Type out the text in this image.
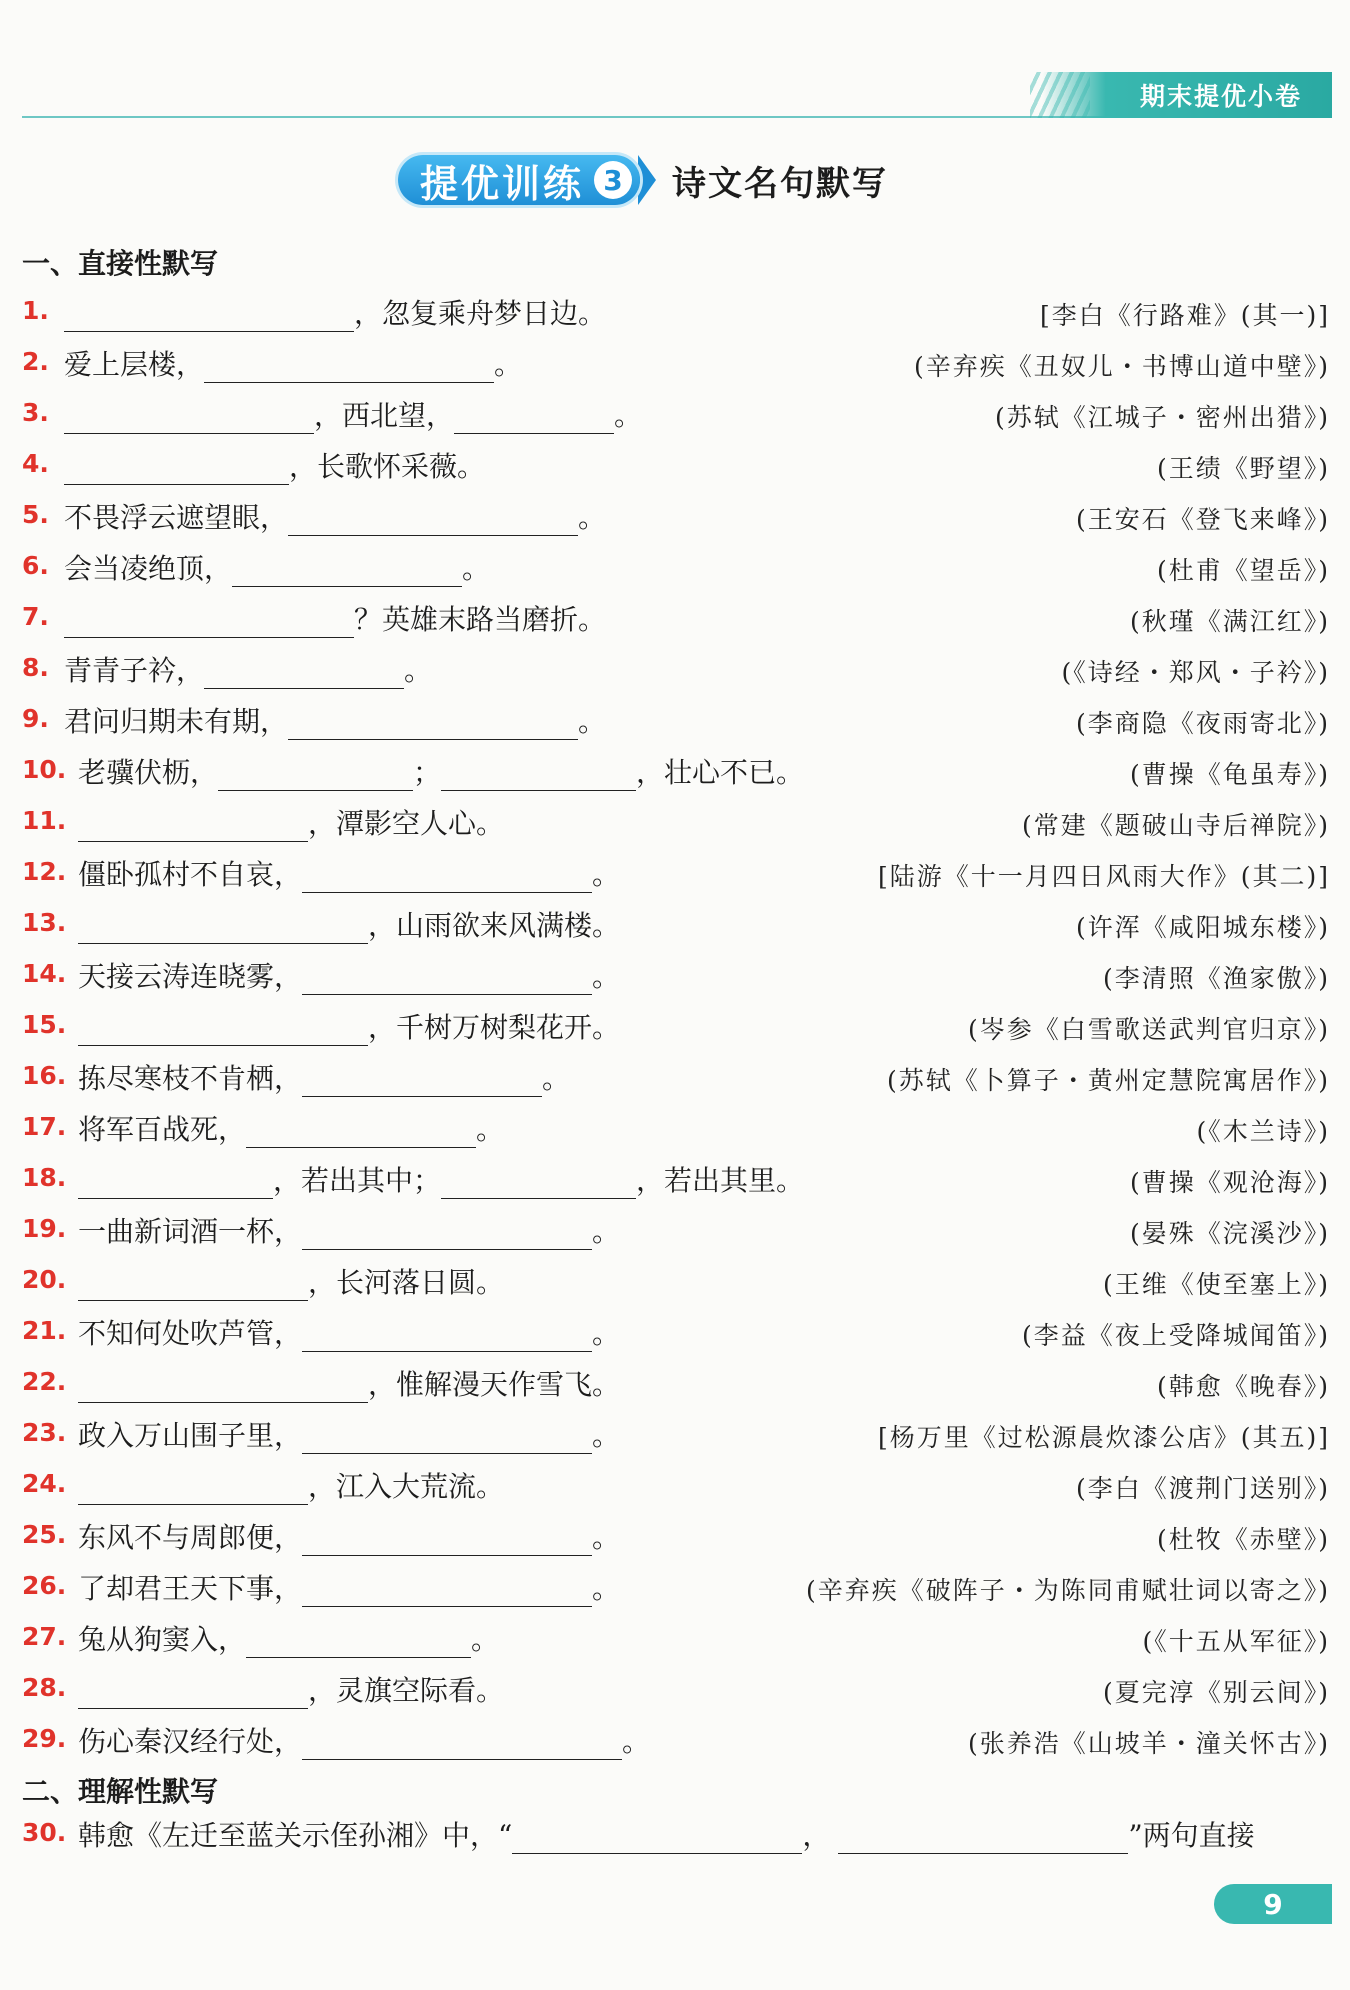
期末提优小卷
提优训练 3 诗文名句默写
一、直接性默写
1.	，忽复乘舟梦日边。	[李白《行路难》(其一)]
2. 爱上层楼，	。	(辛弃疾《丑奴儿・书博山道中壁》)
3.	，西北望，	。	(苏轼《江城子・密州出猎》)
4.	，长歌怀采薇。	(王绩《野望》)
5. 不畏浮云遮望眼，	。	(王安石《登飞来峰》)
6. 会当凌绝顶，	。	(杜甫《望岳》)
7.	？英雄末路当磨折。	(秋瑾《满江红》)
8. 青青子衿，	。	(《诗经・郑风・子衿》)
9. 君问归期未有期，	。	(李商隐《夜雨寄北》)
10. 老骥伏枥，	；	，壮心不已。	(曹操《龟虽寿》)
11.	，潭影空人心。	(常建《题破山寺后禅院》)
12. 僵卧孤村不自哀，	。	[陆游《十一月四日风雨大作》(其二)]
13.	，山雨欲来风满楼。	(许浑《咸阳城东楼》)
14. 天接云涛连晓雾，	。	(李清照《渔家傲》)
15.	，千树万树梨花开。	(岑参《白雪歌送武判官归京》)
16. 拣尽寒枝不肯栖，	。	(苏轼《卜算子・黄州定慧院寓居作》)
17. 将军百战死，	。	(《木兰诗》)
18.	，若出其中；	，若出其里。	(曹操《观沧海》)
19. 一曲新词酒一杯，	。	(晏殊《浣溪沙》)
20.	，长河落日圆。	(王维《使至塞上》)
21. 不知何处吹芦管，	。	(李益《夜上受降城闻笛》)
22.	，惟解漫天作雪飞。	(韩愈《晚春》)
23. 政入万山围子里，	。	[杨万里《过松源晨炊漆公店》(其五)]
24.	，江入大荒流。	(李白《渡荆门送别》)
25. 东风不与周郎便，	。	(杜牧《赤壁》)
26. 了却君王天下事，	。	(辛弃疾《破阵子・为陈同甫赋壮词以寄之》)
27. 兔从狗窦入，	。	(《十五从军征》)
28.	，灵旗空际看。	(夏完淳《别云间》)
29. 伤心秦汉经行处，	。	(张养浩《山坡羊・潼关怀古》)
二、理解性默写
30. 韩愈《左迁至蓝关示侄孙湘》中，“	，	”两句直接
9
